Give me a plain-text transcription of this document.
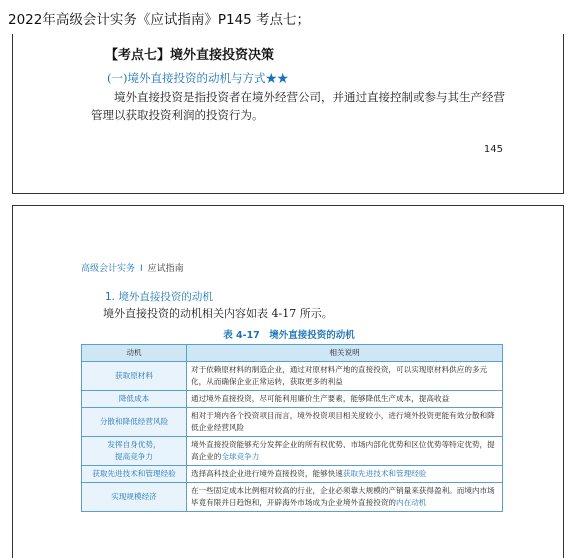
2022年高级会计实务《应试指南》P145 考点七；
【考点七】境外直接投资决策
(一)境外直接投资的动机与方式★★
境外直接投资是指投资者在境外经营公司，并通过直接控制或参与其生产经营管理以获取投资利润的投资行为。
145
高级会计实务 I 应试指南
1. 境外直接投资的动机
境外直接投资的动机相关内容如表 4-17 所示。
表 4-17　境外直接投资的动机
动机	相关说明
获取原材料	对于依赖原材料的制造企业，通过对原材料产地的直接投资，可以实现原材料供应的多元化，从而确保企业正常运转，获取更多的利益
降低成本	通过境外直接投资，尽可能利用廉价生产要素，能够降低生产成本，提高收益
分散和降低经营风险	相对于境内各个投资项目而言，境外投资项目相关度较小，进行境外投资更能有效分散和降低企业经营风险
发挥自身优势，
提高竞争力	境外直接投资能够充分发挥企业的所有权优势、市场内部化优势和区位优势等特定优势，提高企业的全球竞争力
获取先进技术和管理经验	选择高科技企业进行境外直接投资，能够快速获取先进技术和管理经验
实现规模经济	在一些固定成本比例相对较高的行业，企业必须靠大规模的产销量来获得盈利。而境内市场毕竟有限并日趋饱和，开辟海外市场成为企业境外直接投资的内在动机
